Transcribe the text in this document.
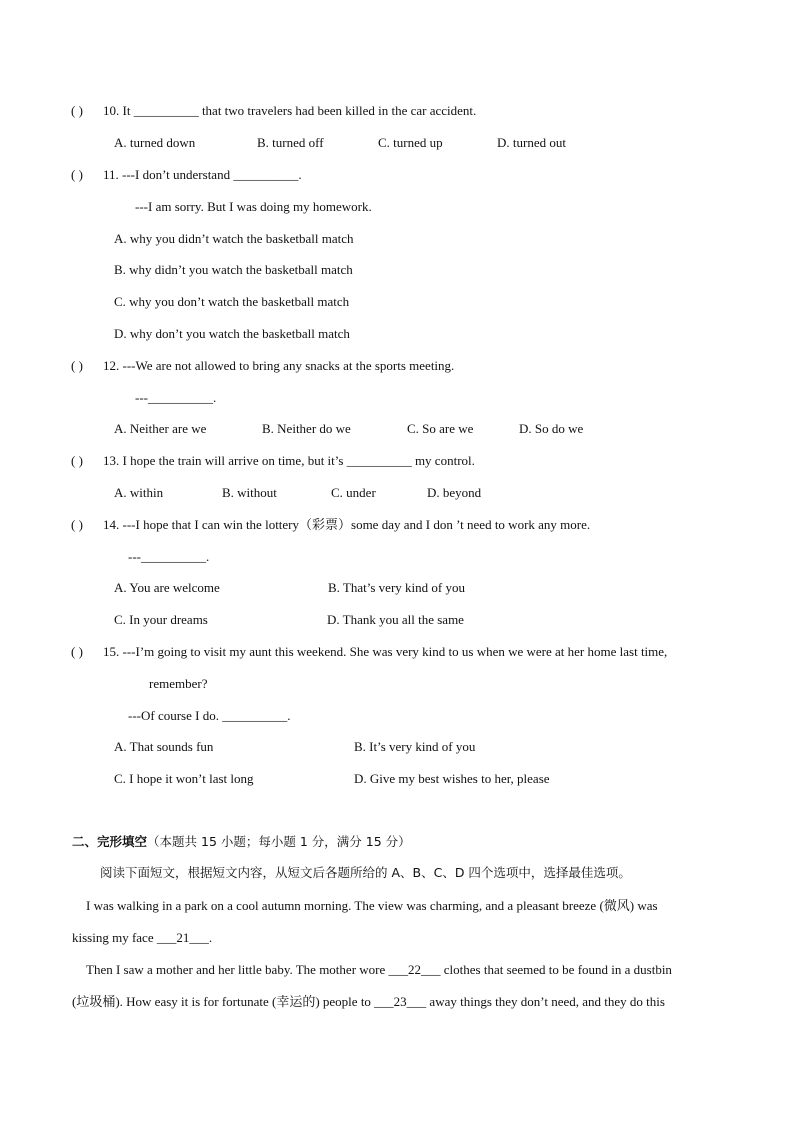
( ) 10. It __________ that two travelers had been killed in the car accident.
A. turned down	B. turned off	C. turned up	D. turned out
( ) 11. ---I don’t understand __________.
---I am sorry. But I was doing my homework.
A. why you didn’t watch the basketball match
B. why didn’t you watch the basketball match
C. why you don’t watch the basketball match
D. why don’t you watch the basketball match
( ) 12. ---We are not allowed to bring any snacks at the sports meeting.
---__________.
A. Neither are we	B. Neither do we	C. So are we	D. So do we
( ) 13. I hope the train will arrive on time, but it’s __________ my control.
A. within	B. without	C. under	D. beyond
( ) 14. ---I hope that I can win the lottery（彩票）some day and I don ’t need to work any more.
---__________.
A. You are welcome	B. That’s very kind of you
C. In your dreams	D. Thank you all the same
( ) 15. ---I’m going to visit my aunt this weekend. She was very kind to us when we were at her home last time,
remember?
---Of course I do. __________.
A. That sounds fun	B. It’s very kind of you
C. I hope it won’t last long	D. Give my best wishes to her, please
二、完形填空（本题共 15 小题；每小题 1 分，满分 15 分）
阅读下面短文，根据短文内容，从短文后各题所给的 A、B、C、D 四个选项中，选择最佳选项。
I was walking in a park on a cool autumn morning. The view was charming, and a pleasant breeze (微风) was
kissing my face ___21___.
Then I saw a mother and her little baby. The mother wore ___22___ clothes that seemed to be found in a dustbin
(垃圾桶). How easy it is for fortunate (幸运的) people to ___23___ away things they don’t need, and they do this
